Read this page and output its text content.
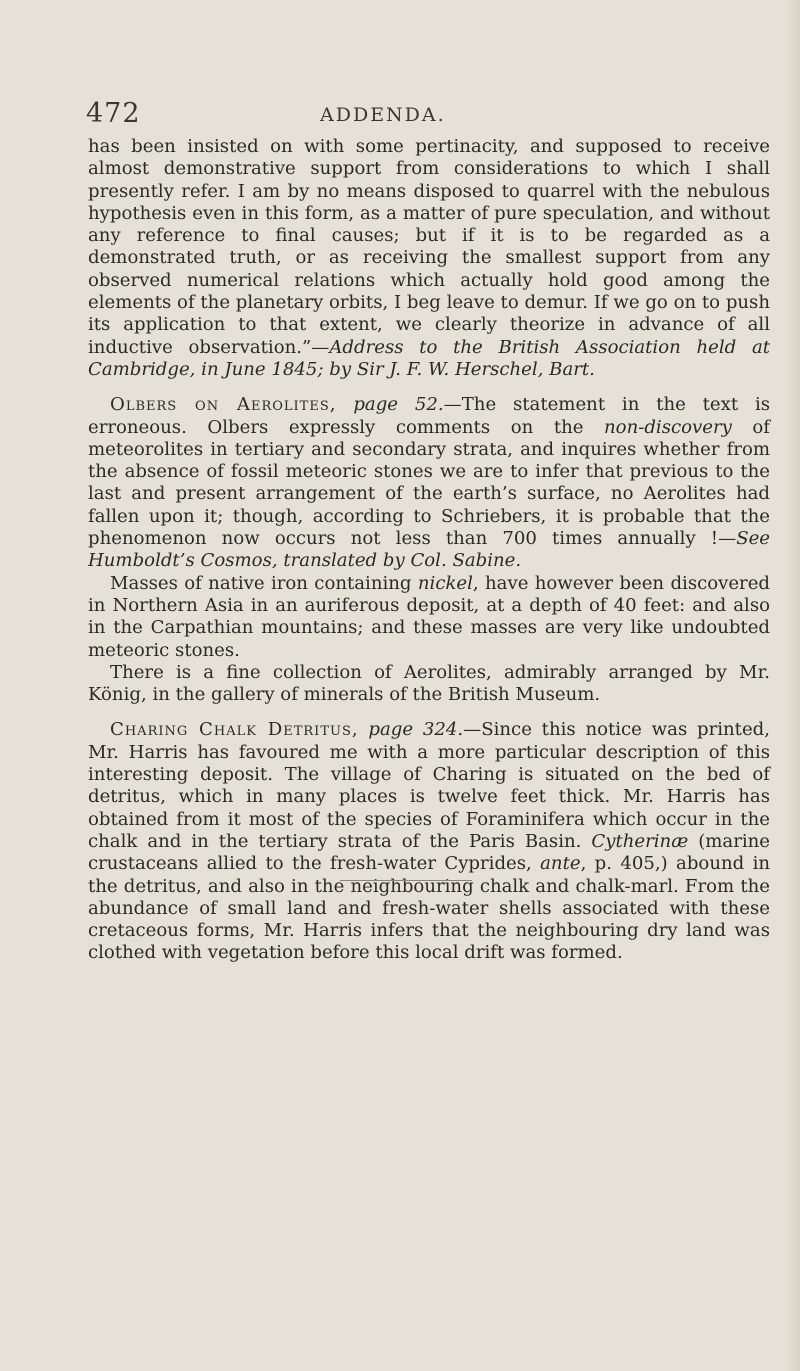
472	ADDENDA.

has been insisted on with some pertinacity, and supposed to receive almost demonstrative support from considerations to which I shall presently refer. I am by no means disposed to quarrel with the nebulous hypothesis even in this form, as a matter of pure speculation, and without any reference to final causes; but if it is to be regarded as a demonstrated truth, or as receiving the smallest support from any observed numerical relations which actually hold good among the elements of the planetary orbits, I beg leave to demur. If we go on to push its application to that extent, we clearly theorize in advance of all inductive observation.”—Address to the British Association held at Cambridge, in June 1845; by Sir J. F. W. Herschel, Bart.

Olbers on Aerolites, page 52.—The statement in the text is erroneous. Olbers expressly comments on the non-discovery of meteorolites in tertiary and secondary strata, and inquires whether from the absence of fossil meteoric stones we are to infer that previous to the last and present arrangement of the earth’s surface, no Aerolites had fallen upon it; though, according to Schriebers, it is probable that the phenomenon now occurs not less than 700 times annually !—See Humboldt’s Cosmos, translated by Col. Sabine.

Masses of native iron containing nickel, have however been discovered in Northern Asia in an auriferous deposit, at a depth of 40 feet: and also in the Carpathian mountains; and these masses are very like undoubted meteoric stones.

There is a fine collection of Aerolites, admirably arranged by Mr. König, in the gallery of minerals of the British Museum.

Charing Chalk Detritus, page 324.—Since this notice was printed, Mr. Harris has favoured me with a more particular description of this interesting deposit. The village of Charing is situated on the bed of detritus, which in many places is twelve feet thick. Mr. Harris has obtained from it most of the species of Foraminifera which occur in the chalk and in the tertiary strata of the Paris Basin. Cytherinæ (marine crustaceans allied to the fresh-water Cyprides, ante, p. 405,) abound in the detritus, and also in the neighbouring chalk and chalk-marl. From the abundance of small land and fresh-water shells associated with these cretaceous forms, Mr. Harris infers that the neighbouring dry land was clothed with vegetation before this local drift was formed.
